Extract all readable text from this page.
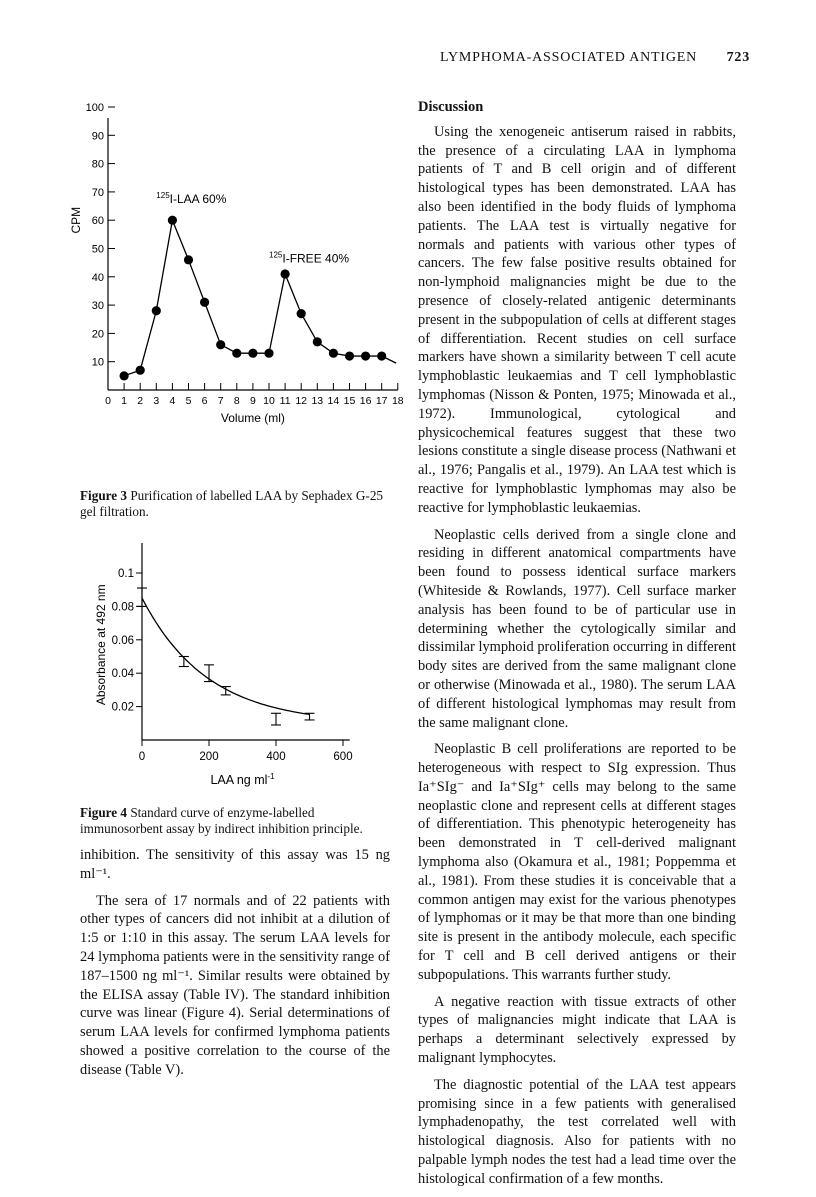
LYMPHOMA-ASSOCIATED ANTIGEN 723
10
20
30
40
50
60
70
80
90
100
0 1 2 3 4 5 6 7 8 9 10 11 12 13 14 15 16 17 18
Volume (ml)
CPM
$^{125}$I-LAA 60%
$^{125}$I-FREE 40%
Figure 3 Purification of labelled LAA by Sephadex G-25 gel filtration.
0.02
0.04
0.06
0.08
0.1
0	200	400	600
LAA ng $ml^{-1}$
Absorbance at 492 nm
Figure 4 Standard curve of enzyme-labelled immunosorbent assay by indirect inhibition principle.

inhibition. The sensitivity of this assay was 15 ng ml⁻¹.

The sera of 17 normals and of 22 patients with other types of cancers did not inhibit at a dilution of 1:5 or 1:10 in this assay. The serum LAA levels for 24 lymphoma patients were in the sensitivity range of 187–1500 ng ml⁻¹. Similar results were obtained by the ELISA assay (Table IV). The standard inhibition curve was linear (Figure 4). Serial determinations of serum LAA levels for confirmed lymphoma patients showed a positive correlation to the course of the disease (Table V).

Discussion

Using the xenogeneic antiserum raised in rabbits, the presence of a circulating LAA in lymphoma patients of T and B cell origin and of different histological types has been demonstrated. LAA has also been identified in the body fluids of lymphoma patients. The LAA test is virtually negative for normals and patients with various other types of cancers. The few false positive results obtained for non-lymphoid malignancies might be due to the presence of closely-related antigenic determinants present in the subpopulation of cells at different stages of differentiation. Recent studies on cell surface markers have shown a similarity between T cell acute lymphoblastic leukaemias and T cell lymphoblastic lymphomas (Nisson & Ponten, 1975; Minowada et al., 1972). Immunological, cytological and physicochemical features suggest that these two lesions constitute a single disease process (Nathwani et al., 1976; Pangalis et al., 1979). An LAA test which is reactive for lymphoblastic lymphomas may also be reactive for lymphoblastic leukaemias.

Neoplastic cells derived from a single clone and residing in different anatomical compartments have been found to possess identical surface markers (Whiteside & Rowlands, 1977). Cell surface marker analysis has been found to be of particular use in determining whether the cytologically similar and dissimilar lymphoid proliferation occurring in different body sites are derived from the same malignant clone or otherwise (Minowada et al., 1980). The serum LAA of different histological lymphomas may result from the same malignant clone.

Neoplastic B cell proliferations are reported to be heterogeneous with respect to SIg expression. Thus Ia⁺SIg⁻ and Ia⁺SIg⁺ cells may belong to the same neoplastic clone and represent cells at different stages of differentiation. This phenotypic heterogeneity has been demonstrated in T cell-derived malignant lymphoma also (Okamura et al., 1981; Poppemma et al., 1981). From these studies it is conceivable that a common antigen may exist for the various phenotypes of lymphomas or it may be that more than one binding site is present in the antibody molecule, each specific for T cell and B cell derived antigens or their subpopulations. This warrants further study.

A negative reaction with tissue extracts of other types of malignancies might indicate that LAA is perhaps a determinant selectively expressed by malignant lymphocytes.

The diagnostic potential of the LAA test appears promising since in a few patients with generalised lymphadenopathy, the test correlated well with histological diagnosis. Also for patients with no palpable lymph nodes the test had a lead time over the histological confirmation of a few months.
